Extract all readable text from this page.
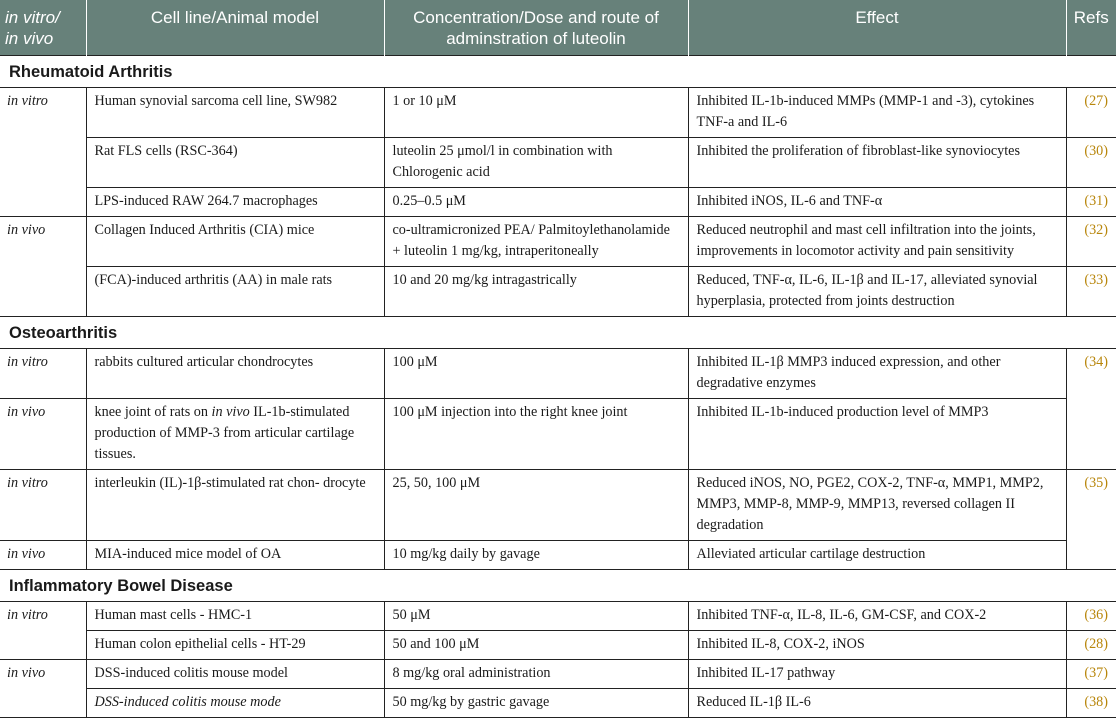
in vitro/
in vivo	Cell line/Animal model	Concentration/Dose and route of
adminstration of luteolin	Effect	Refs
Rheumatoid Arthritis				
in vitro	Human synovial sarcoma cell line, SW982	1 or 10 μM	Inhibited IL-1b-induced MMPs (MMP-1 and -3), cytokines TNF-a and IL-6	(27)
	Rat FLS cells (RSC-364)	luteolin 25 μmol/l in combination with Chlorogenic acid	Inhibited the proliferation of fibroblast-like synoviocytes	(30)
	LPS-induced RAW 264.7 macrophages	0.25–0.5 μM	Inhibited iNOS, IL-6 and TNF-α	(31)
in vivo	Collagen Induced Arthritis (CIA) mice	co-ultramicronized PEA/ Palmitoylethanolamide + luteolin 1 mg/kg, intraperitoneally	Reduced neutrophil and mast cell infiltration into the joints, improvements in locomotor activity and pain sensitivity	(32)
	(FCA)-induced arthritis (AA) in male rats	10 and 20 mg/kg intragastrically	Reduced, TNF-α, IL-6, IL-1β and IL-17, alleviated synovial hyperplasia, protected from joints destruction	(33)
Osteoarthritis				
in vitro	rabbits cultured articular chondrocytes	100 μM	Inhibited IL-1β MMP3 induced expression, and other degradative enzymes	(34)
in vivo	knee joint of rats on in vivo IL-1b-stimulated production of MMP-3 from articular cartilage tissues.	100 μM injection into the right knee joint	Inhibited IL-1b-induced production level of MMP3	
in vitro	interleukin (IL)-1β-stimulated rat chon- drocyte	25, 50, 100 μM	Reduced iNOS, NO, PGE2, COX-2, TNF-α, MMP1, MMP2, MMP3, MMP-8, MMP-9, MMP13, reversed collagen II degradation	(35)
in vivo	MIA-induced mice model of OA	10 mg/kg daily by gavage	Alleviated articular cartilage destruction	
Inflammatory Bowel Disease				
in vitro	Human mast cells - HMC-1	50 μM	Inhibited TNF-α, IL-8, IL-6, GM-CSF, and COX-2	(36)
	Human colon epithelial cells - HT-29	50 and 100 μM	Inhibited IL-8, COX-2, iNOS	(28)
in vivo	DSS-induced colitis mouse model	8 mg/kg oral administration	Inhibited IL-17 pathway	(37)
	DSS-induced colitis mouse mode	50 mg/kg by gastric gavage	Reduced IL-1β IL-6	(38)
